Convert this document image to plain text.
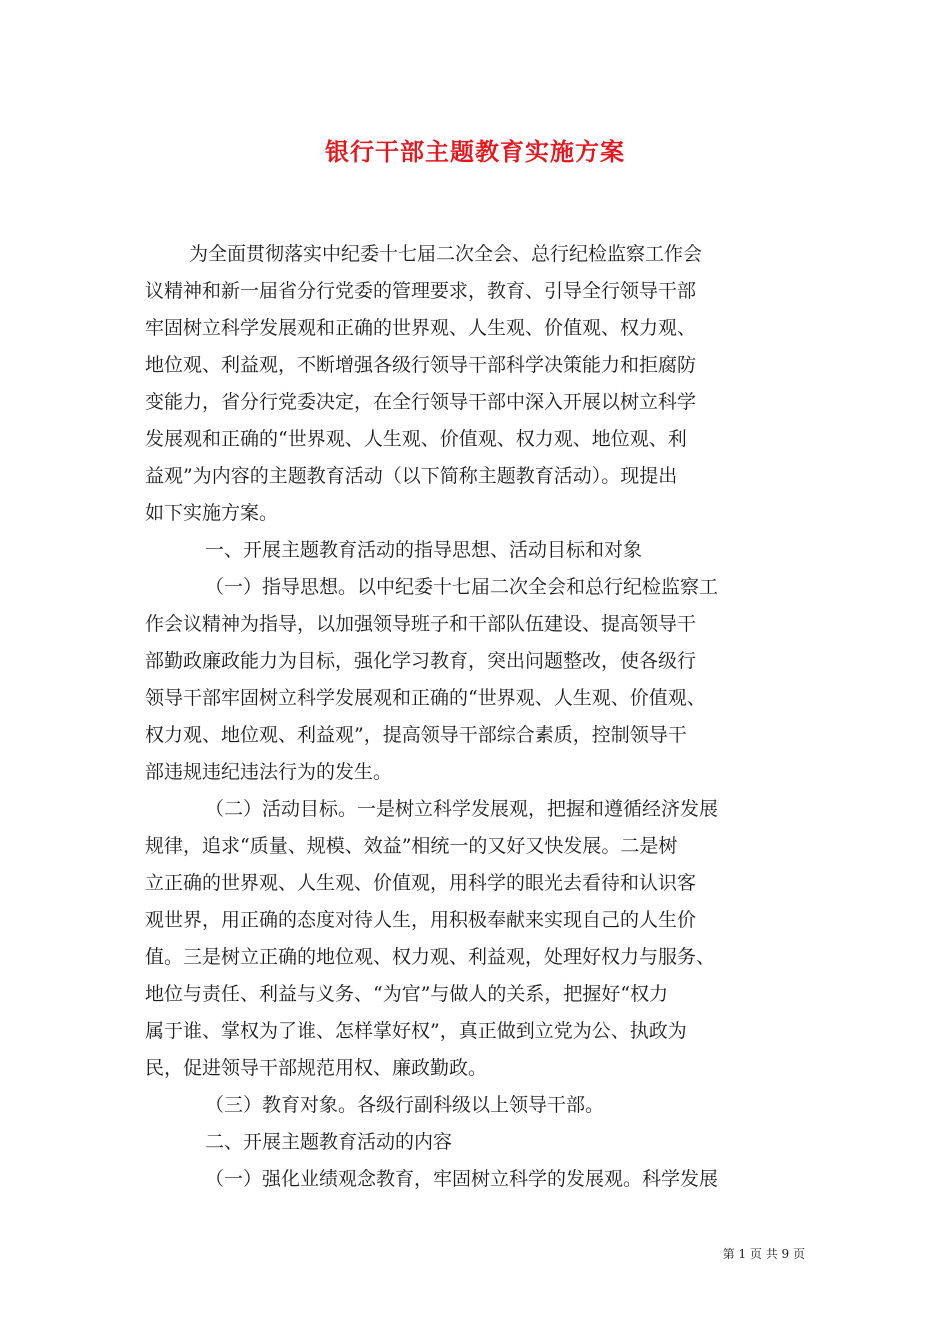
银行干部主题教育实施方案
为全面贯彻落实中纪委十七届二次全会、总行纪检监察工作会
议精神和新一届省分行党委的管理要求，教育、引导全行领导干部
牢固树立科学发展观和正确的世界观、人生观、价值观、权力观、
地位观、利益观，不断增强各级行领导干部科学决策能力和拒腐防
变能力，省分行党委决定，在全行领导干部中深入开展以树立科学
发展观和正确的“世界观、人生观、价值观、权力观、地位观、利
益观”为内容的主题教育活动（以下简称主题教育活动）。现提出
如下实施方案。
一、开展主题教育活动的指导思想、活动目标和对象
（一）指导思想。以中纪委十七届二次全会和总行纪检监察工
作会议精神为指导，以加强领导班子和干部队伍建设、提高领导干
部勤政廉政能力为目标，强化学习教育，突出问题整改，使各级行
领导干部牢固树立科学发展观和正确的“世界观、人生观、价值观、
权力观、地位观、利益观”，提高领导干部综合素质，控制领导干
部违规违纪违法行为的发生。
（二）活动目标。一是树立科学发展观，把握和遵循经济发展
规律，追求“质量、规模、效益”相统一的又好又快发展。二是树
立正确的世界观、人生观、价值观，用科学的眼光去看待和认识客
观世界，用正确的态度对待人生，用积极奉献来实现自己的人生价
值。三是树立正确的地位观、权力观、利益观，处理好权力与服务、
地位与责任、利益与义务、“为官”与做人的关系，把握好“权力
属于谁、掌权为了谁、怎样掌好权”，真正做到立党为公、执政为
民，促进领导干部规范用权、廉政勤政。
（三）教育对象。各级行副科级以上领导干部。
二、开展主题教育活动的内容
（一）强化业绩观念教育，牢固树立科学的发展观。科学发展
第 1 页 共 9 页
